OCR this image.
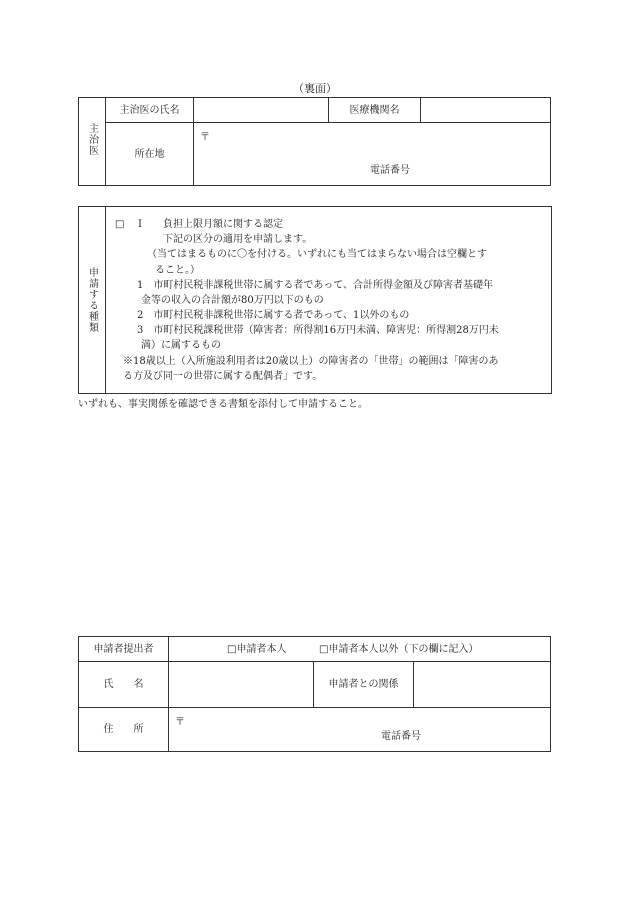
（裏面）
主治医	主治医の氏名		医療機関名	
	所在地	〒
電話番号		
申請する種類
□ Ⅰ 負担上限月額に関する認定
下記の区分の適用を申請します。
（当てはまるものに〇を付ける。いずれにも当てはまらない場合は空欄とす
ること。）
1　市町村民税非課税世帯に属する者であって、合計所得金額及び障害者基礎年
金等の収入の合計額が80万円以下のもの
2　市町村民税非課税世帯に属する者であって、1以外のもの
3　市町村民税課税世帯（障害者：所得割16万円未満、障害児：所得割28万円未
満）に属するもの
※18歳以上（入所施設利用者は20歳以上）の障害者の「世帯」の範囲は「障害のあ
る方及び同一の世帯に属する配偶者」です。
いずれも、事実関係を確認できる書類を添付して申請すること。
申請者提出者	□申請者本人 □申請者本人以外（下の欄に記入）		

氏　　名		申請者との関係	
住　　所	〒
電話番号		
